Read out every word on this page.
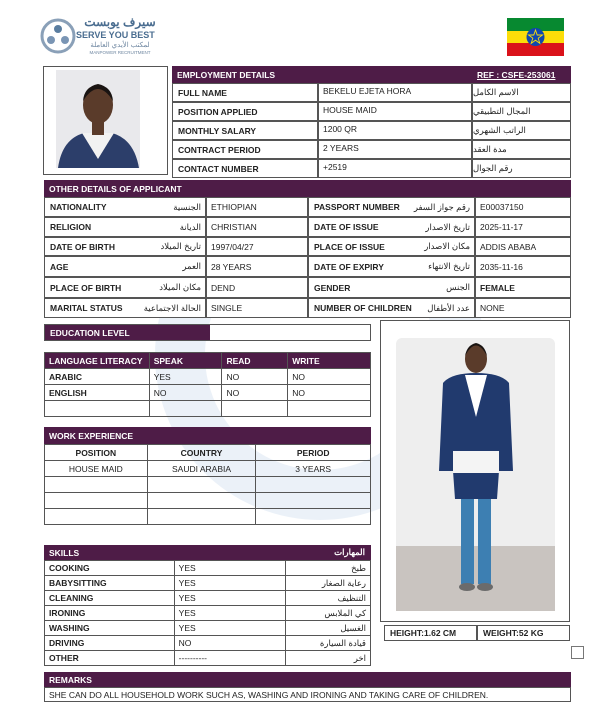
سيرف يوبست
SERVE YOU BEST
لمكتب الأيدي العاملة
MANPOWER RECRUITMENT
EMPLOYMENT DETAILS	REF : CSFE-253061
FULL NAME	BEKELU EJETA HORA	الاسم الكامل
POSITION APPLIED	HOUSE MAID	المجال التطبيقي
MONTHLY SALARY	1200 QR	الراتب الشهري
CONTRACT PERIOD	2 YEARS	مدة العقد
CONTACT NUMBER	+2519	رقم الجوال
OTHER DETAILS OF APPLICANT
NATIONALITY	الجنسية	ETHIOPIAN	PASSPORT NUMBER رقم جواز السفر	E00037150
RELIGION	الديانة	CHRISTIAN	DATE OF ISSUE	تاريخ الاصدار	2025-11-17
DATE OF BIRTH	تاريخ الميلاد	1997/04/27	PLACE OF ISSUE	مكان الاصدار	ADDIS ABABA
AGE	العمر	28 YEARS	DATE OF EXPIRY	تاريخ الانتهاء	2035-11-16
PLACE OF BIRTH	مكان الميلاد	DEND	GENDER	الجنس	FEMALE
MARITAL STATUS الحالة الاجتماعية	SINGLE	NUMBER OF CHILDREN عدد الأطفال	NONE
EDUCATION LEVEL
LANGUAGE LITERACY	SPEAK	READ	WRITE
ARABIC	YES	NO	NO
ENGLISH	NO	NO	NO

WORK EXPERIENCE
POSITION	COUNTRY	PERIOD
HOUSE MAID	SAUDI ARABIA	3 YEARS

SKILLS	المهارات
COOKING	YES	طبخ
BABYSITTING	YES	رعاية الصغار
CLEANING	YES	التنظيف
IRONING	YES	كي الملابس
WASHING	YES	الغسيل
DRIVING	NO	قيادة السيارة
OTHER	----------	اخر
HEIGHT:1.62 CM	WEIGHT:52 KG
REMARKS
SHE CAN DO ALL HOUSEHOLD WORK SUCH AS, WASHING AND IRONING AND TAKING CARE OF CHILDREN.
